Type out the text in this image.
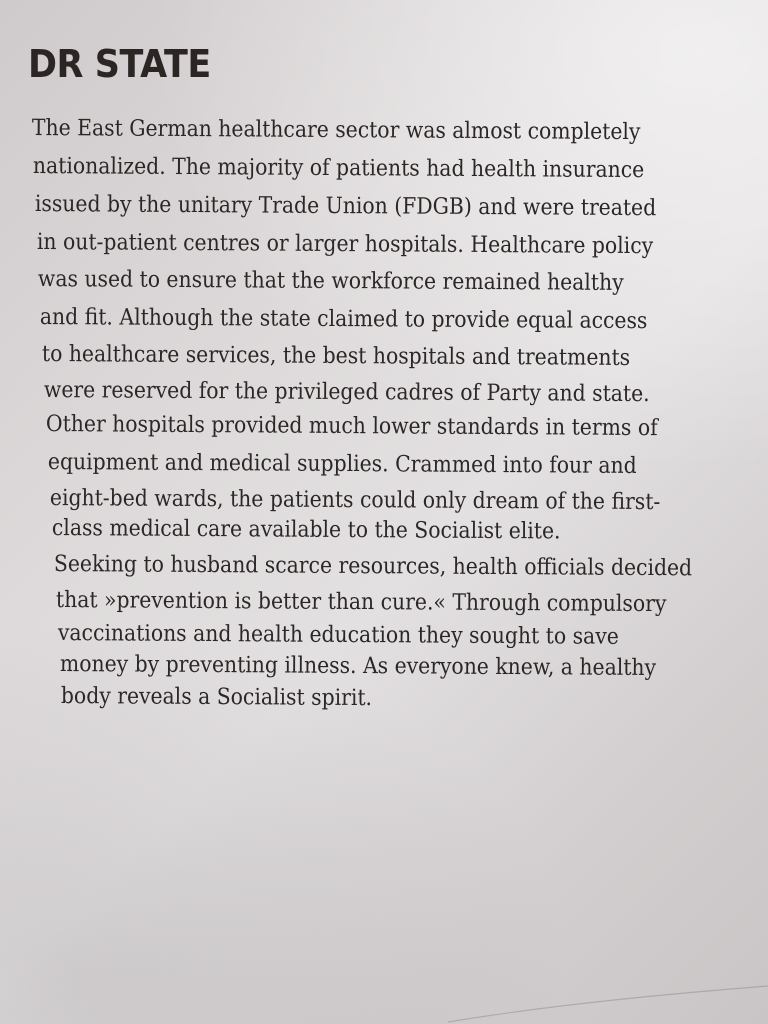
DR STATE
The East German healthcare sector was almost completely
nationalized. The majority of patients had health insurance
issued by the unitary Trade Union (FDGB) and were treated
in out-patient centres or larger hospitals. Healthcare policy
was used to ensure that the workforce remained healthy
and fit. Although the state claimed to provide equal access
to healthcare services, the best hospitals and treatments
were reserved for the privileged cadres of Party and state.
Other hospitals provided much lower standards in terms of
equipment and medical supplies. Crammed into four and
eight-bed wards, the patients could only dream of the first-
class medical care available to the Socialist elite.
Seeking to husband scarce resources, health officials decided
that »prevention is better than cure.« Through compulsory
vaccinations and health education they sought to save
money by preventing illness. As everyone knew, a healthy
body reveals a Socialist spirit.
